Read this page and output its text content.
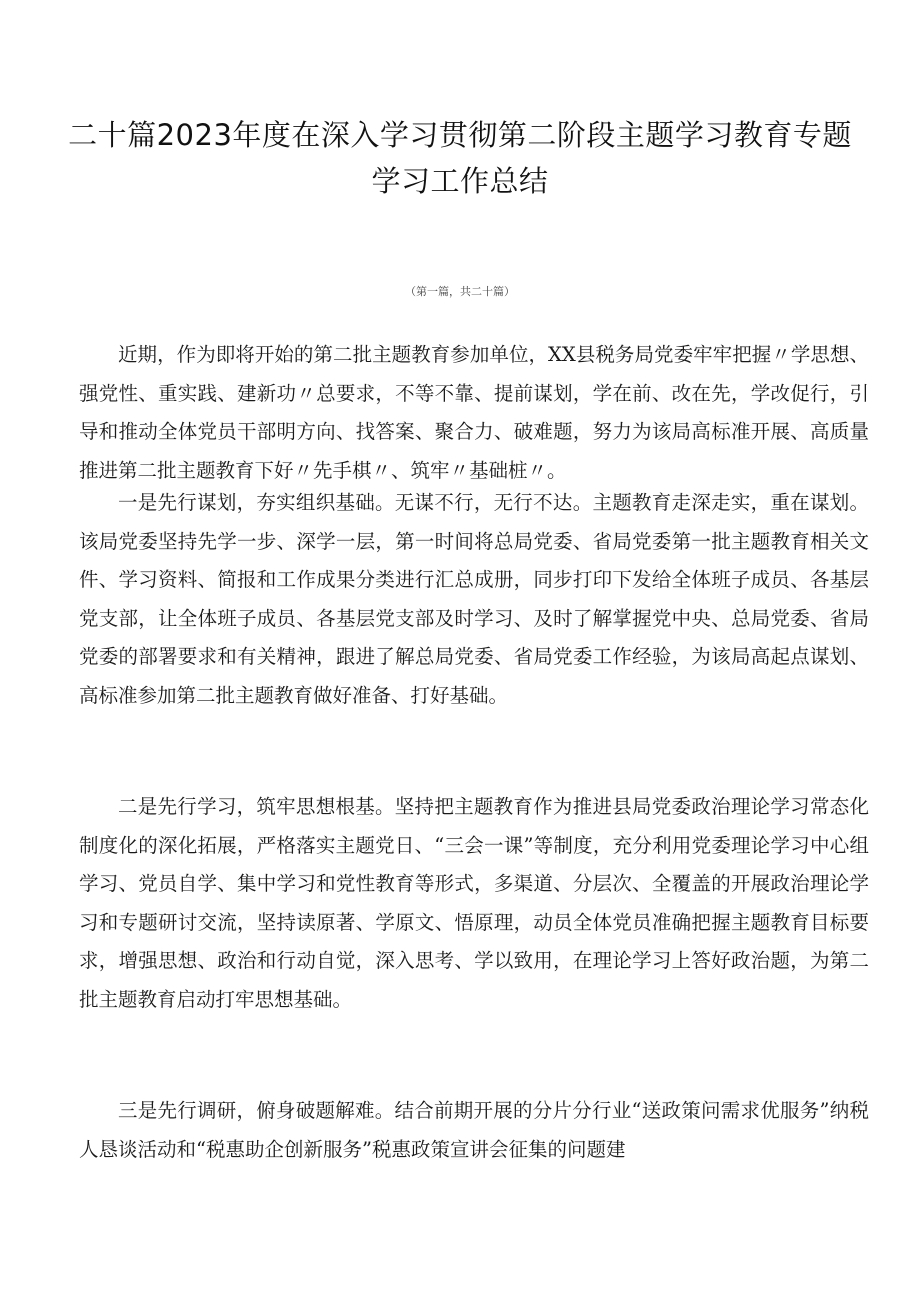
二十篇2023年度在深入学习贯彻第二阶段主题学习教育专题学习工作总结
（第一篇，共二十篇）

近期，作为即将开始的第二批主题教育参加单位，XX县税务局党委牢牢把握〃学思想、强党性、重实践、建新功〃总要求，不等不靠、提前谋划，学在前、改在先，学改促行，引导和推动全体党员干部明方向、找答案、聚合力、破难题，努力为该局高标准开展、高质量推进第二批主题教育下好〃先手棋〃、筑牢〃基础桩〃。

一是先行谋划，夯实组织基础。无谋不行，无行不达。主题教育走深走实，重在谋划。该局党委坚持先学一步、深学一层，第一时间将总局党委、省局党委第一批主题教育相关文件、学习资料、简报和工作成果分类进行汇总成册，同步打印下发给全体班子成员、各基层党支部，让全体班子成员、各基层党支部及时学习、及时了解掌握党中央、总局党委、省局党委的部署要求和有关精神，跟进了解总局党委、省局党委工作经验，为该局高起点谋划、高标准参加第二批主题教育做好准备、打好基础。

二是先行学习，筑牢思想根基。坚持把主题教育作为推进县局党委政治理论学习常态化制度化的深化拓展，严格落实主题党日、“三会一课”等制度，充分利用党委理论学习中心组学习、党员自学、集中学习和党性教育等形式，多渠道、分层次、全覆盖的开展政治理论学习和专题研讨交流，坚持读原著、学原文、悟原理，动员全体党员准确把握主题教育目标要求，增强思想、政治和行动自觉，深入思考、学以致用，在理论学习上答好政治题，为第二批主题教育启动打牢思想基础。

三是先行调研，俯身破题解难。结合前期开展的分片分行业“送政策问需求优服务”纳税人恳谈活动和“税惠助企创新服务”税惠政策宣讲会征集的问题建
